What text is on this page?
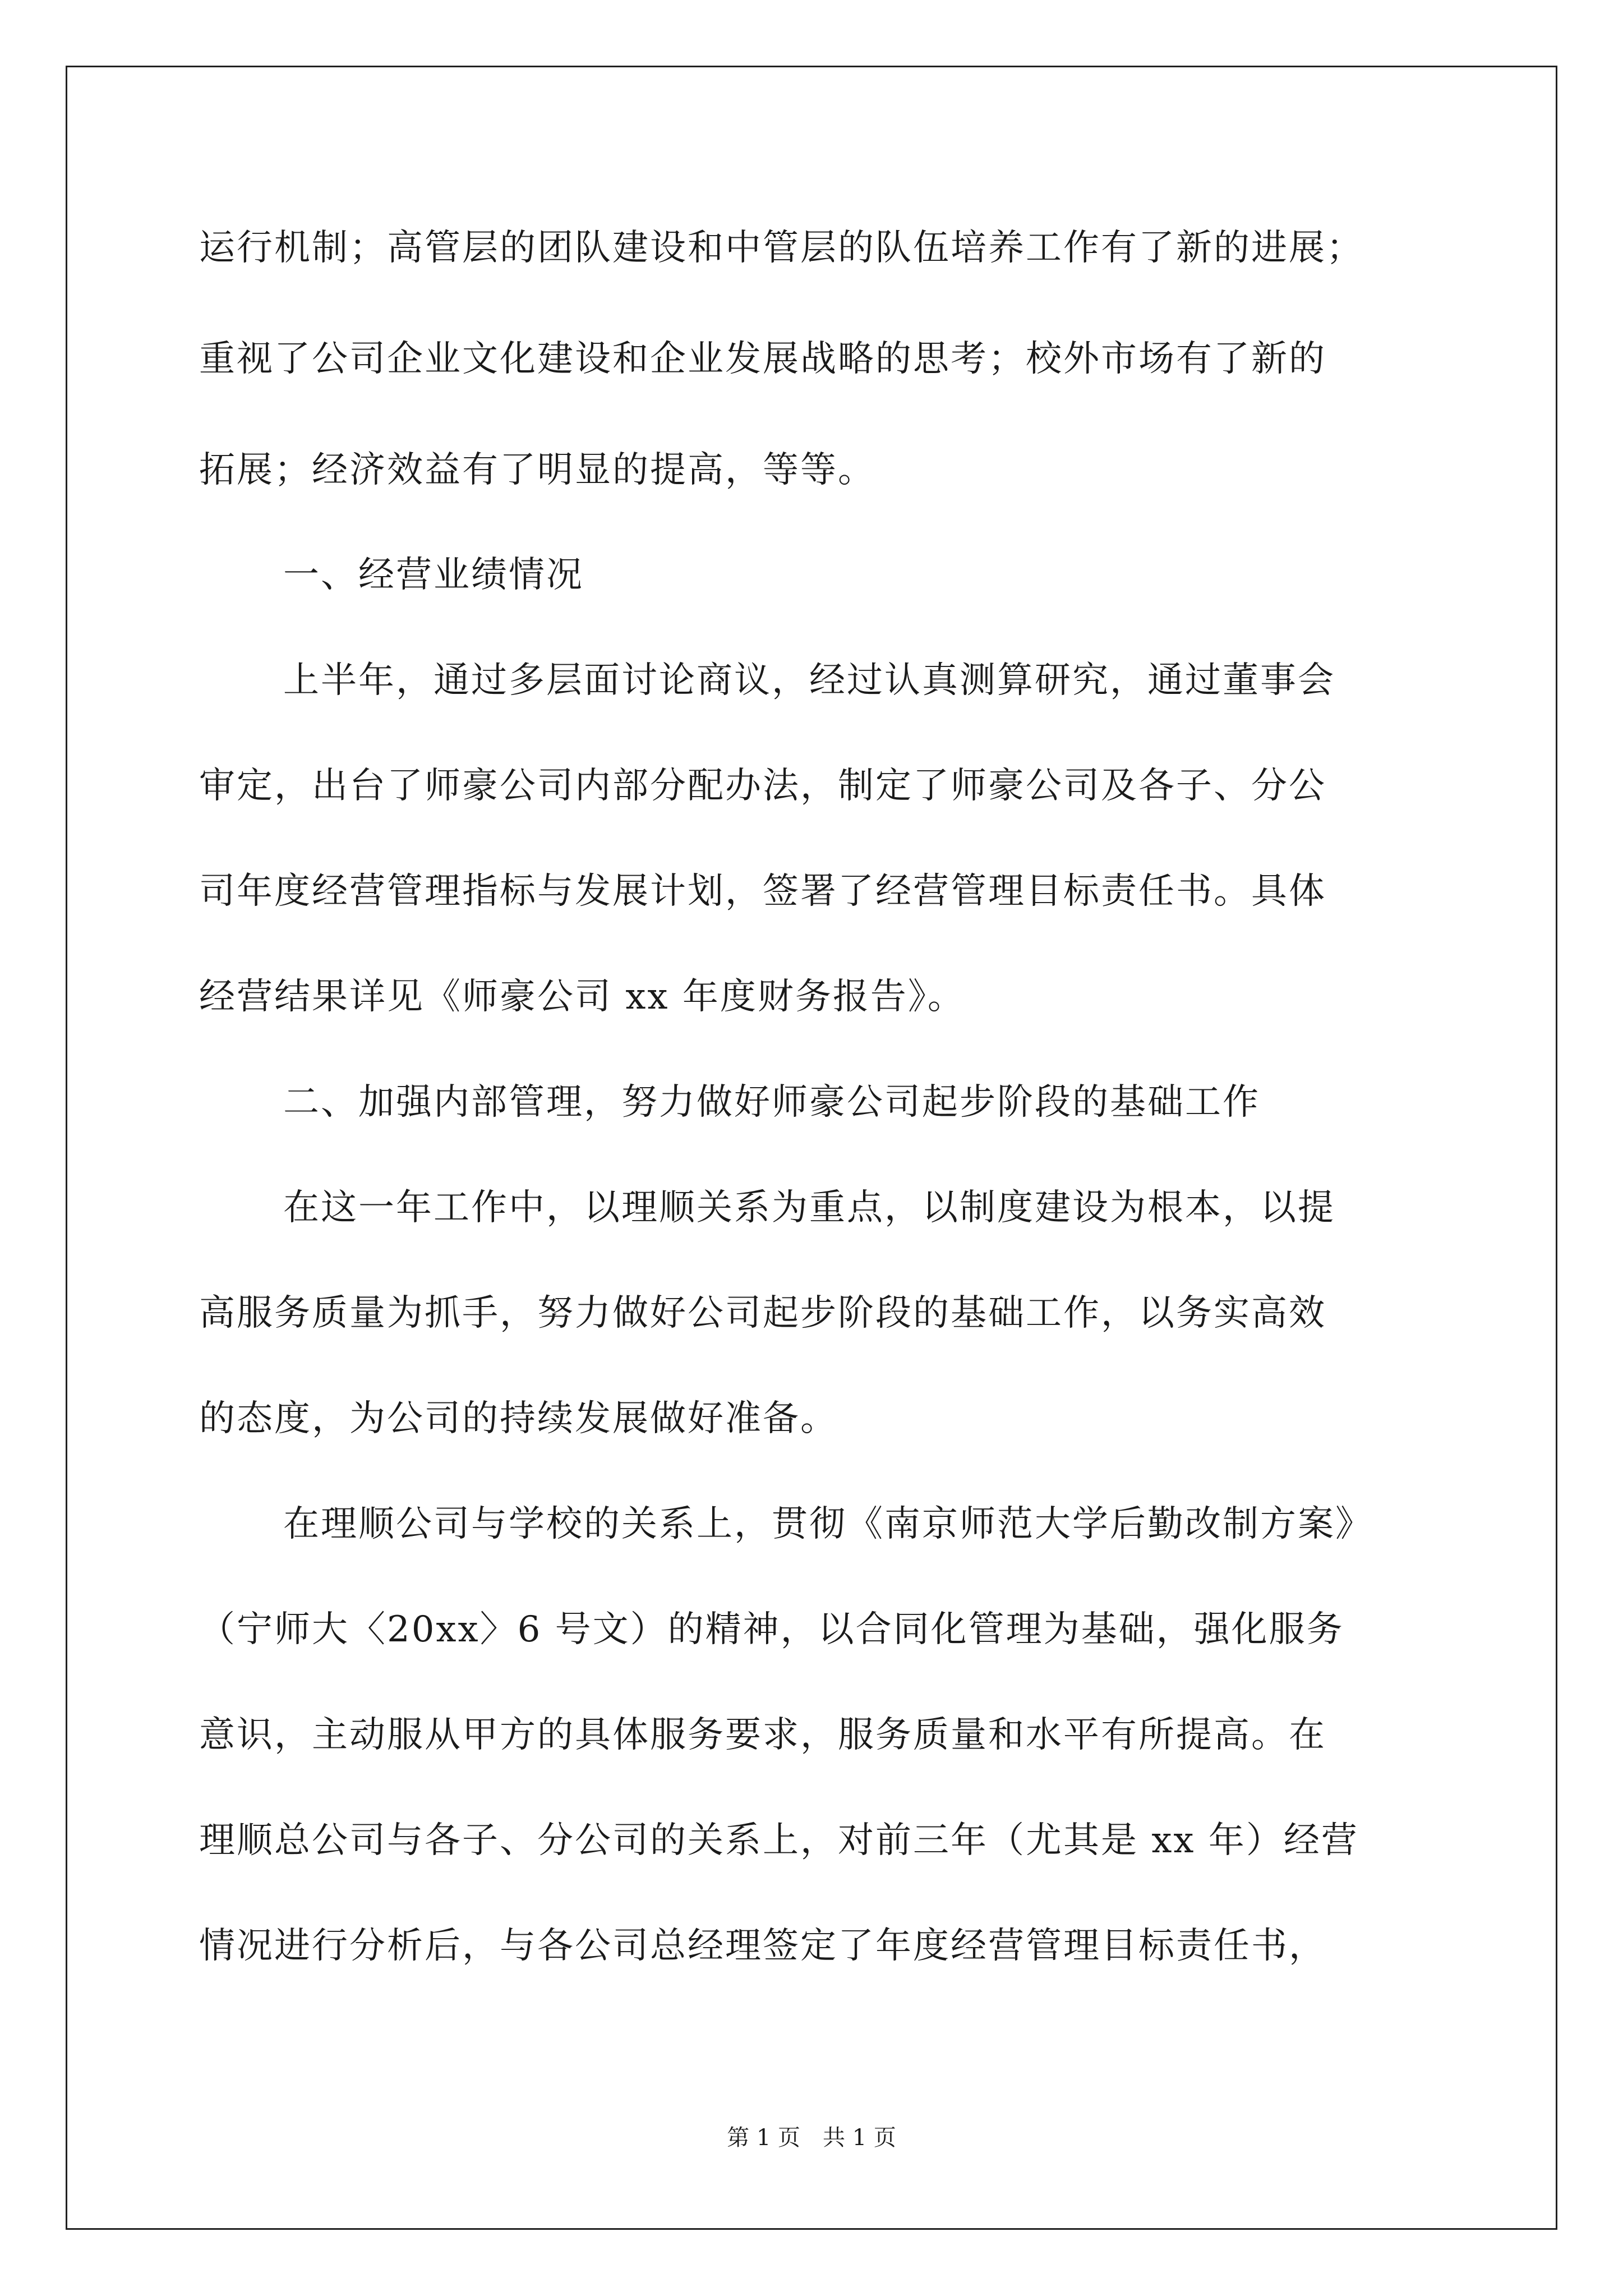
运行机制；高管层的团队建设和中管层的队伍培养工作有了新的进展；
重视了公司企业文化建设和企业发展战略的思考；校外市场有了新的
拓展；经济效益有了明显的提高，等等。
一、经营业绩情况
上半年，通过多层面讨论商议，经过认真测算研究，通过董事会
审定，出台了师豪公司内部分配办法，制定了师豪公司及各子、分公
司年度经营管理指标与发展计划，签署了经营管理目标责任书。具体
经营结果详见《师豪公司 xx 年度财务报告》。
二、加强内部管理，努力做好师豪公司起步阶段的基础工作
在这一年工作中，以理顺关系为重点，以制度建设为根本，以提
高服务质量为抓手，努力做好公司起步阶段的基础工作，以务实高效
的态度，为公司的持续发展做好准备。
在理顺公司与学校的关系上，贯彻《南京师范大学后勤改制方案》
（宁师大〈20xx〉6 号文）的精神，以合同化管理为基础，强化服务
意识，主动服从甲方的具体服务要求，服务质量和水平有所提高。在
理顺总公司与各子、分公司的关系上，对前三年（尤其是 xx 年）经营
情况进行分析后，与各公司总经理签定了年度经营管理目标责任书，
第 1 页　共 1 页
